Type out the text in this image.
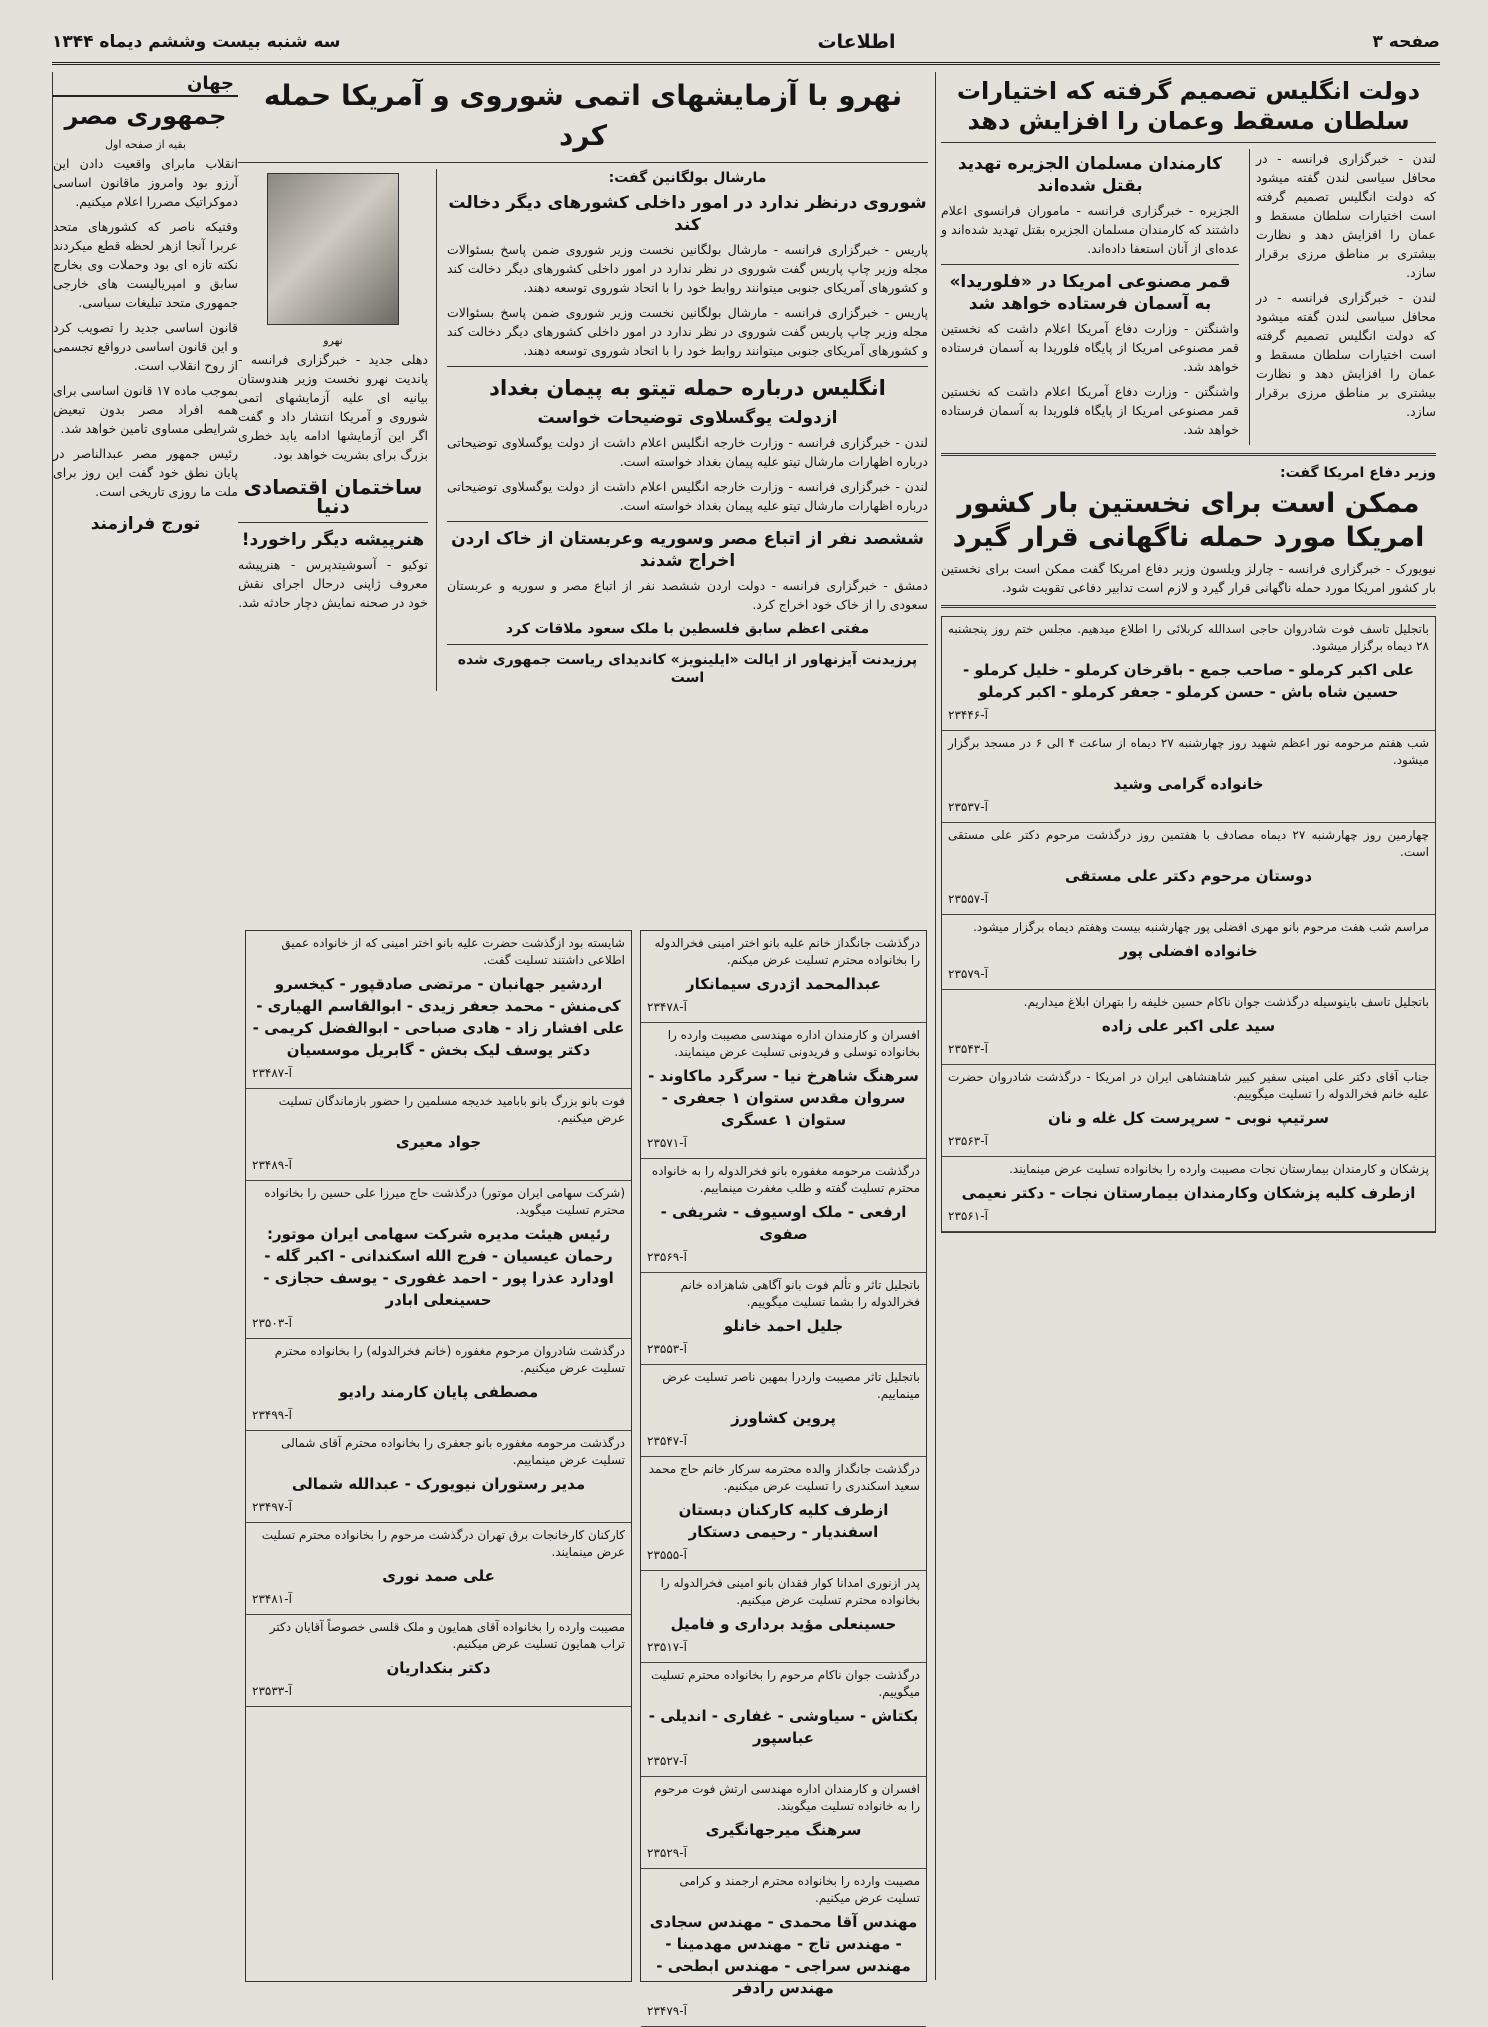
صفحه ۳
اطلاعات
سه شنبه بیست وششم دیماه ۱۳۴۴
دولت انگلیس تصمیم گرفته که اختیارات سلطان مسقط وعمان را افزایش دهد

لندن - خبرگزاری فرانسه - در محافل سیاسی لندن گفته میشود که دولت انگلیس تصمیم گرفته است اختیارات سلطان مسقط و عمان را افزایش دهد و نظارت بیشتری بر مناطق مرزی برقرار سازد.

لندن - خبرگزاری فرانسه - در محافل سیاسی لندن گفته میشود که دولت انگلیس تصمیم گرفته است اختیارات سلطان مسقط و عمان را افزایش دهد و نظارت بیشتری بر مناطق مرزی برقرار سازد.

کارمندان مسلمان الجزیره تهدید بقتل شده‌اند

الجزیره - خبرگزاری فرانسه - ماموران فرانسوی اعلام داشتند که کارمندان مسلمان الجزیره بقتل تهدید شده‌اند و عده‌ای از آنان استعفا داده‌اند.

قمر مصنوعی امریکا در «فلوریدا» به آسمان فرستاده خواهد شد

واشنگتن - وزارت دفاع آمریکا اعلام داشت که نخستین قمر مصنوعی امریکا از پایگاه فلوریدا به آسمان فرستاده خواهد شد.

واشنگتن - وزارت دفاع آمریکا اعلام داشت که نخستین قمر مصنوعی امریکا از پایگاه فلوریدا به آسمان فرستاده خواهد شد.

وزیر دفاع امریکا گفت:
ممکن است برای نخستین بار کشور امریکا مورد حمله ناگهانی قرار گیرد

نیویورک - خبرگزاری فرانسه - چارلز ویلسون وزیر دفاع امریکا گفت ممکن است برای نخستین بار کشور امریکا مورد حمله ناگهانی قرار گیرد و لازم است تدابیر دفاعی تقویت شود.

باتجلیل تاسف فوت شادروان حاجی اسدالله کربلائی را اطلاع میدهیم. مجلس ختم روز پنجشنبه ۲۸ دیماه برگزار میشود.
علی اکبر کرملو - صاحب جمع - باقرخان کرملو - خلیل کرملو - حسین شاه باش - حسن کرملو - جعفر کرملو - اکبر کرملو
آ-۲۳۴۴۶
شب هفتم مرحومه نور اعظم شهید روز چهارشنبه ۲۷ دیماه از ساعت ۴ الی ۶ در مسجد برگزار میشود.
خانواده گرامی وشید
آ-۲۳۵۳۷
چهارمین روز چهارشنبه ۲۷ دیماه مصادف با هفتمین روز درگذشت مرحوم دکتر علی مستقی است.
دوستان مرحوم دکتر علی مستقی
آ-۲۳۵۵۷
مراسم شب هفت مرحوم بانو مهری افضلی پور چهارشنبه بیست وهفتم دیماه برگزار میشود.
خانواده افضلی پور
آ-۲۳۵۷۹
باتجلیل تاسف باینوسیله درگذشت جوان ناکام حسین خلیفه را بتهران ابلاغ میداریم.
سید علی اکبر علی زاده
آ-۲۳۵۴۳
جناب آقای دکتر علی امینی سفیر کبیر شاهنشاهی ایران در امریکا - درگذشت شادروان حضرت علیه خانم فخرالدوله را تسلیت میگوییم.
سرتیپ نوبی - سرپرست کل غله و نان
آ-۲۳۵۶۳
پزشکان و کارمندان بیمارستان نجات مصیبت وارده را بخانواده تسلیت عرض مینمایند.
ازطرف کلیه پزشکان وکارمندان بیمارستان نجات - دکتر نعیمی
آ-۲۳۵۶۱
نهرو با آزمایشهای اتمی شوروی و آمریکا حمله کرد
مارشال بولگانین گفت:
شوروی درنظر ندارد در امور داخلی کشورهای دیگر دخالت کند

پاریس - خبرگزاری فرانسه - مارشال بولگانین نخست وزیر شوروی ضمن پاسخ بسئوالات مجله وزیر چاپ پاریس گفت شوروی در نظر ندارد در امور داخلی کشورهای دیگر دخالت کند و کشورهای آمریکای جنوبی میتوانند روابط خود را با اتحاد شوروی توسعه دهند.

پاریس - خبرگزاری فرانسه - مارشال بولگانین نخست وزیر شوروی ضمن پاسخ بسئوالات مجله وزیر چاپ پاریس گفت شوروی در نظر ندارد در امور داخلی کشورهای دیگر دخالت کند و کشورهای آمریکای جنوبی میتوانند روابط خود را با اتحاد شوروی توسعه دهند.

انگلیس درباره حمله تیتو به پیمان بغداد
ازدولت یوگسلاوی توضیحات خواست

لندن - خبرگزاری فرانسه - وزارت خارجه انگلیس اعلام داشت از دولت یوگسلاوی توضیحاتی درباره اظهارات مارشال تیتو علیه پیمان بغداد خواسته است.

لندن - خبرگزاری فرانسه - وزارت خارجه انگلیس اعلام داشت از دولت یوگسلاوی توضیحاتی درباره اظهارات مارشال تیتو علیه پیمان بغداد خواسته است.

ششصد نفر از اتباع مصر وسوریه وعربستان از خاک اردن اخراج شدند

دمشق - خبرگزاری فرانسه - دولت اردن ششصد نفر از اتباع مصر و سوریه و عربستان سعودی را از خاک خود اخراج کرد.

مفتی اعظم سابق فلسطین با ملک سعود ملاقات کرد
پرزیدنت آیزنهاور از ایالت «ایلینویز» کاندیدای ریاست جمهوری شده است
نهرو

دهلی جدید - خبرگزاری فرانسه - پاندیت نهرو نخست وزیر هندوستان بیانیه ای علیه آزمایشهای اتمی شوروی و آمریکا انتشار داد و گفت اگر این آزمایشها ادامه یابد خطری بزرگ برای بشریت خواهد بود.

ساختمان اقتصادی دنیا
هنرپیشه دیگر راخورد!

توکیو - آسوشیتدپرس - هنرپیشه معروف ژاپنی درحال اجرای نقش خود در صحنه نمایش دچار حادثه شد.

جهان
جمهوری مصر
بقیه از صفحه اول

انقلاب مابرای واقعیت دادن این آرزو بود وامروز ماقانون اساسی دموکراتیک مصررا اعلام میکنیم.

وقتیکه ناصر که کشورهای متحد عربرا آنجا ازهر لحظه قطع میکردند نکته تازه ای بود وحملات وی بخارج سابق و امپریالیست های خارجی جمهوری متحد تبلیغات سیاسی.

قانون اساسی جدید را تصویب کرد و این قانون اساسی درواقع تجسمی از روح انقلاب است.

بموجب ماده ۱۷ قانون اساسی برای همه افراد مصر بدون تبعیض شرایطی مساوی تامین خواهد شد.

رئیس جمهور مصر عبدالناصر در پایان نطق خود گفت این روز برای ملت ما روزی تاریخی است.

تورج فرازمند
شایسته بود ازگذشت حضرت علیه بانو اختر امینی که از خانواده عمیق اطلاعی داشتند تسلیت گفت.
اردشیر جهانبان - مرتضی صادقپور - کیخسرو کی‌منش - محمد جعفر زیدی - ابوالقاسم الهیاری - علی افشار زاد - هادی صباحی - ابوالفضل کریمی - دکتر یوسف لیک بخش - گابریل موسسیان
آ-۲۳۴۸۷
فوت بانو بزرگ بانو بابامید خدیجه مسلمین را حضور بازماندگان تسلیت عرض میکنیم.
جواد معیری
آ-۲۳۴۸۹
(شرکت سهامی ایران موتور) درگذشت حاج میرزا علی حسین را بخانواده محترم تسلیت میگوید.
رئیس هیئت مدیره شرکت سهامی ایران موتور: رحمان عیسیان - فرج الله اسکندانی - اکبر گله - اودارد عذرا پور - احمد غفوری - یوسف حجازی - حسینعلی ابادر
آ-۲۳۵۰۳
درگذشت شادروان مرحوم مغفوره (خانم فخرالدوله) را بخانواده محترم تسلیت عرض میکنیم.
مصطفی پایان کارمند رادیو
آ-۲۳۴۹۹
درگذشت مرحومه مغفوره بانو جعفری را بخانواده محترم آقای شمالی تسلیت عرض مینماییم.
مدیر رستوران نیویورک - عبدالله شمالی
آ-۲۳۴۹۷
کارکنان کارخانجات برق تهران درگذشت مرحوم را بخانواده محترم تسلیت عرض مینمایند.
علی صمد نوری
آ-۲۳۴۸۱
مصیبت وارده را بخانواده آقای همایون و ملک قلسی خصوصاً آقایان دکتر تراب همایون تسلیت عرض میکنیم.
دکتر بنکداریان
آ-۲۳۵۳۳
درگذشت جانگداز خانم علیه بانو اختر امینی فخرالدوله را بخانواده محترم تسلیت عرض میکنم.
عبدالمحمد اژدری سیمانکار
آ-۲۳۴۷۸
افسران و کارمندان اداره مهندسی مصیبت وارده را بخانواده توسلی و فریدونی تسلیت عرض مینمایند.
سرهنگ شاهرخ نیا - سرگرد ماکاوند - سروان مقدس ستوان ۱ جعفری - ستوان ۱ عسگری
آ-۲۳۵۷۱
درگذشت مرحومه مغفوره بانو فخرالدوله را به خانواده محترم تسلیت گفته و طلب مغفرت مینماییم.
ارفعی - ملک اوسیوف - شریفی - صفوی
آ-۲۳۵۶۹
باتجلیل تاثر و تألم فوت بانو آگاهی شاهزاده خانم فخرالدوله را بشما تسلیت میگوییم.
جلیل احمد خانلو
آ-۲۳۵۵۳
باتجلیل تاثر مصیبت واردرا بمهین ناصر تسلیت عرض مینماییم.
پروین کشاورز
آ-۲۳۵۴۷
درگذشت جانگداز والده محترمه سرکار خانم حاج محمد سعید اسکندری را تسلیت عرض میکنیم.
ازطرف کلیه کارکنان دبستان اسفندیار - رحیمی دستکار
آ-۲۳۵۵۵
پدر ازنوری امدانا کوار فقدان بانو امینی فخرالدوله را بخانواده محترم تسلیت عرض میکنیم.
حسینعلی مؤید برداری و فامیل
آ-۲۳۵۱۷
درگذشت جوان ناکام مرحوم را بخانواده محترم تسلیت میگوییم.
بکتاش - سیاوشی - غفاری - اندیلی - عباسپور
آ-۲۳۵۲۷
افسران و کارمندان اداره مهندسی ارتش فوت مرحوم را به خانواده تسلیت میگویند.
سرهنگ میرجهانگیری
آ-۲۳۵۲۹
مصیبت وارده را بخانواده محترم ارجمند و کرامی تسلیت عرض میکنیم.
مهندس آقا محمدی - مهندس سجادی - مهندس تاج - مهندس مهدمینا - مهندس سراجی - مهندس ابطحی - مهندس رادفر
آ-۲۳۴۷۹
